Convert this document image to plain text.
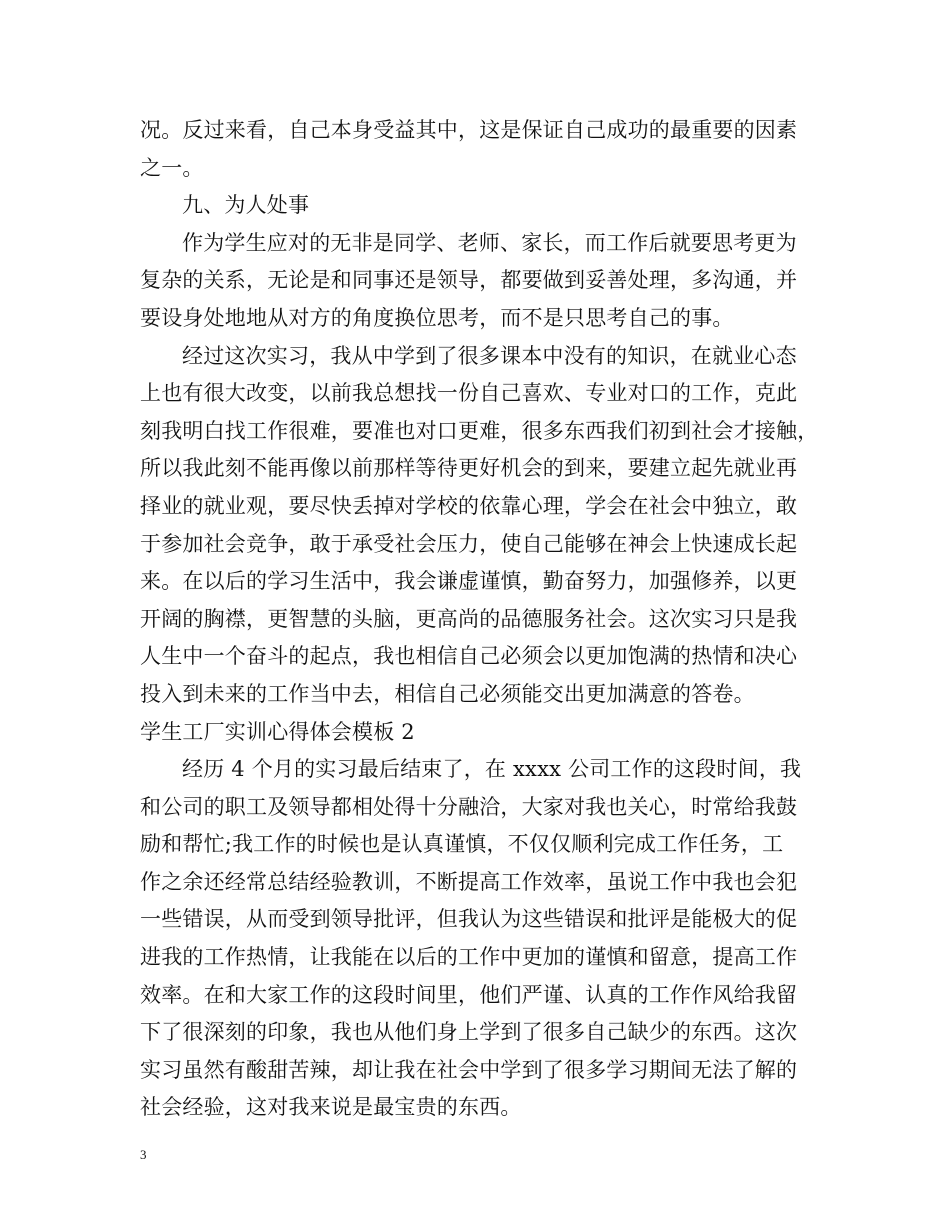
况。反过来看，自己本身受益其中，这是保证自己成功的最重要的因素
之一。
九、为人处事
作为学生应对的无非是同学、老师、家长，而工作后就要思考更为
复杂的关系，无论是和同事还是领导，都要做到妥善处理，多沟通，并
要设身处地地从对方的角度换位思考，而不是只思考自己的事。
经过这次实习，我从中学到了很多课本中没有的知识，在就业心态
上也有很大改变，以前我总想找一份自己喜欢、专业对口的工作，克此
刻我明白找工作很难，要准也对口更难，很多东西我们初到社会才接触，
所以我此刻不能再像以前那样等待更好机会的到来，要建立起先就业再
择业的就业观，要尽快丢掉对学校的依靠心理，学会在社会中独立，敢
于参加社会竞争，敢于承受社会压力，使自己能够在神会上快速成长起
来。在以后的学习生活中，我会谦虚谨慎，勤奋努力，加强修养，以更
开阔的胸襟，更智慧的头脑，更高尚的品德服务社会。这次实习只是我
人生中一个奋斗的起点，我也相信自己必须会以更加饱满的热情和决心
投入到未来的工作当中去，相信自己必须能交出更加满意的答卷。
学生工厂实训心得体会模板 2
经历 4 个月的实习最后结束了，在 xxxx 公司工作的这段时间，我
和公司的职工及领导都相处得十分融洽，大家对我也关心，时常给我鼓
励和帮忙;我工作的时候也是认真谨慎，不仅仅顺利完成工作任务，工
作之余还经常总结经验教训，不断提高工作效率，虽说工作中我也会犯
一些错误，从而受到领导批评，但我认为这些错误和批评是能极大的促
进我的工作热情，让我能在以后的工作中更加的谨慎和留意，提高工作
效率。在和大家工作的这段时间里，他们严谨、认真的工作作风给我留
下了很深刻的印象，我也从他们身上学到了很多自己缺少的东西。这次
实习虽然有酸甜苦辣，却让我在社会中学到了很多学习期间无法了解的
社会经验，这对我来说是最宝贵的东西。
3
